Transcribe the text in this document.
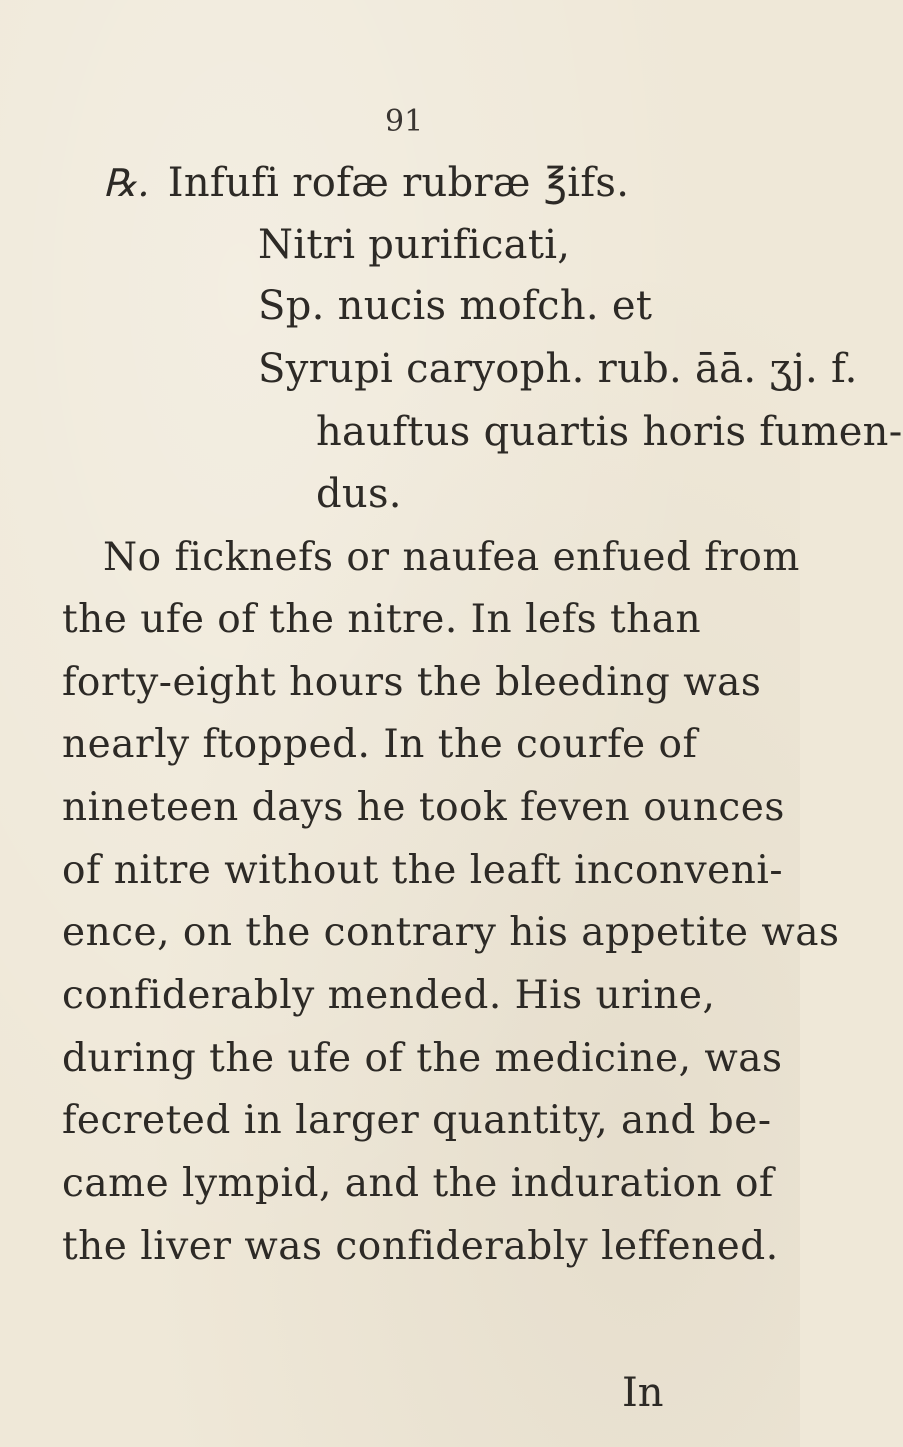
91
℞. Infufi rofæ rubræ ℥ifs.
Nitri purificati,
Sp. nucis mofch. et
Syrupi caryoph. rub. āā. ʒj. f.
hauftus quartis horis fumen-
dus.
No ficknefs or naufea enfued from
the ufe of the nitre. In lefs than
forty-eight hours the bleeding was
nearly ftopped. In the courfe of
nineteen days he took feven ounces
of nitre without the leaft inconveni-
ence, on the contrary his appetite was
confiderably mended. His urine,
during the ufe of the medicine, was
fecreted in larger quantity, and be-
came lympid, and the induration of
the liver was confiderably leffened.
In
